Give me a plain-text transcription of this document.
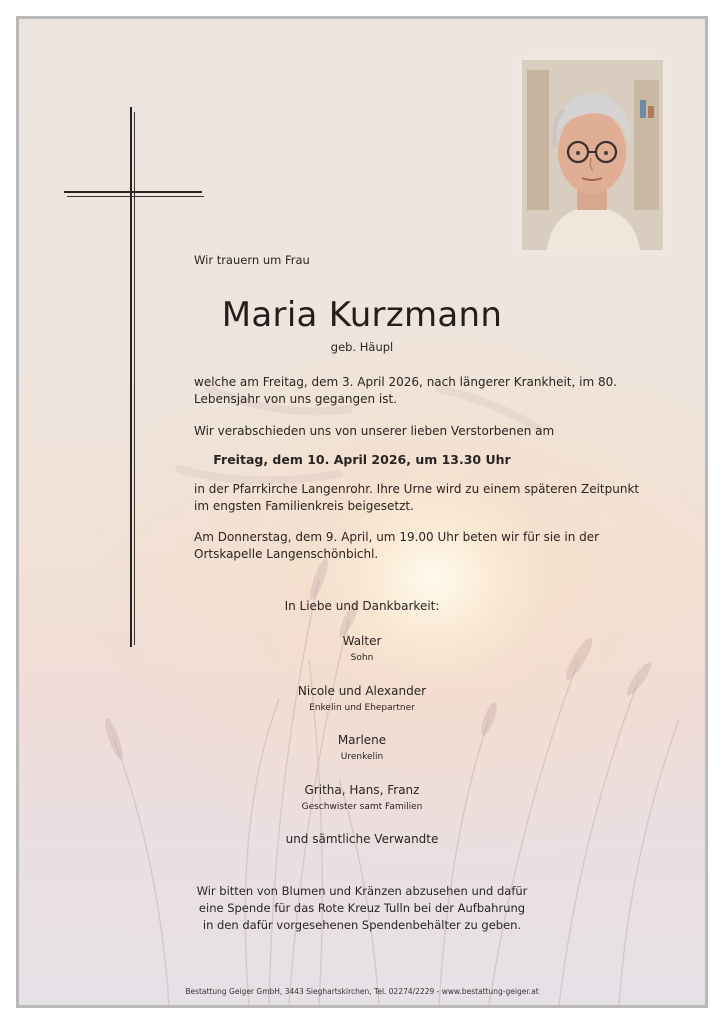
Wir trauern um Frau
Maria Kurzmann
geb. Häupl
welche am Freitag, dem 3. April 2026, nach längerer Krankheit, im 80. Lebensjahr von uns gegangen ist.
Wir verabschieden uns von unserer lieben Verstorbenen am
Freitag, dem 10. April 2026, um 13.30 Uhr
in der Pfarrkirche Langenrohr. Ihre Urne wird zu einem späteren Zeitpunkt im engsten Familienkreis beigesetzt.
Am Donnerstag, dem 9. April, um 19.00 Uhr beten wir für sie in der Ortskapelle Langenschönbichl.
In Liebe und Dankbarkeit:
Walter
Sohn
Nicole und Alexander
Enkelin und Ehepartner
Marlene
Urenkelin
Gritha, Hans, Franz
Geschwister samt Familien
und sämtliche Verwandte
Wir bitten von Blumen und Kränzen abzusehen und dafür
eine Spende für das Rote Kreuz Tulln bei der Aufbahrung
in den dafür vorgesehenen Spendenbehälter zu geben.
Bestattung Geiger GmbH, 3443 Sieghartskirchen, Tel. 02274/2229 - www.bestattung-geiger.at
